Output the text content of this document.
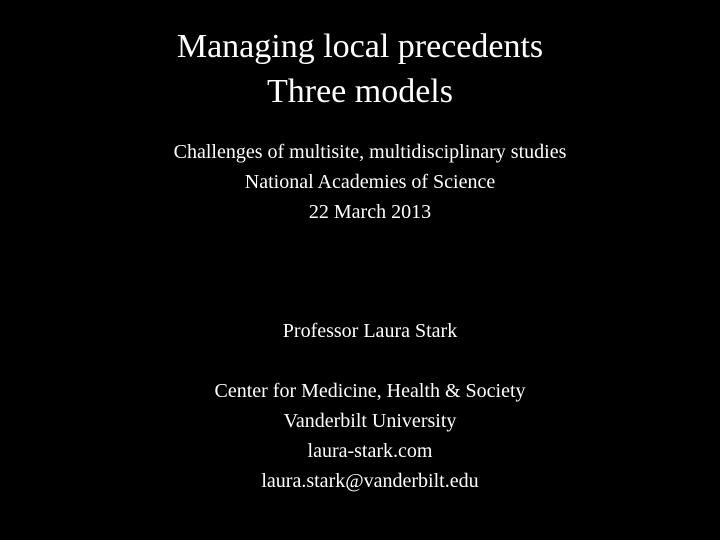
Managing local precedents
Three models
Challenges of multisite, multidisciplinary studies
National Academies of Science
22 March 2013
Professor Laura Stark
Center for Medicine, Health & Society
Vanderbilt University
laura-stark.com
laura.stark@vanderbilt.edu
